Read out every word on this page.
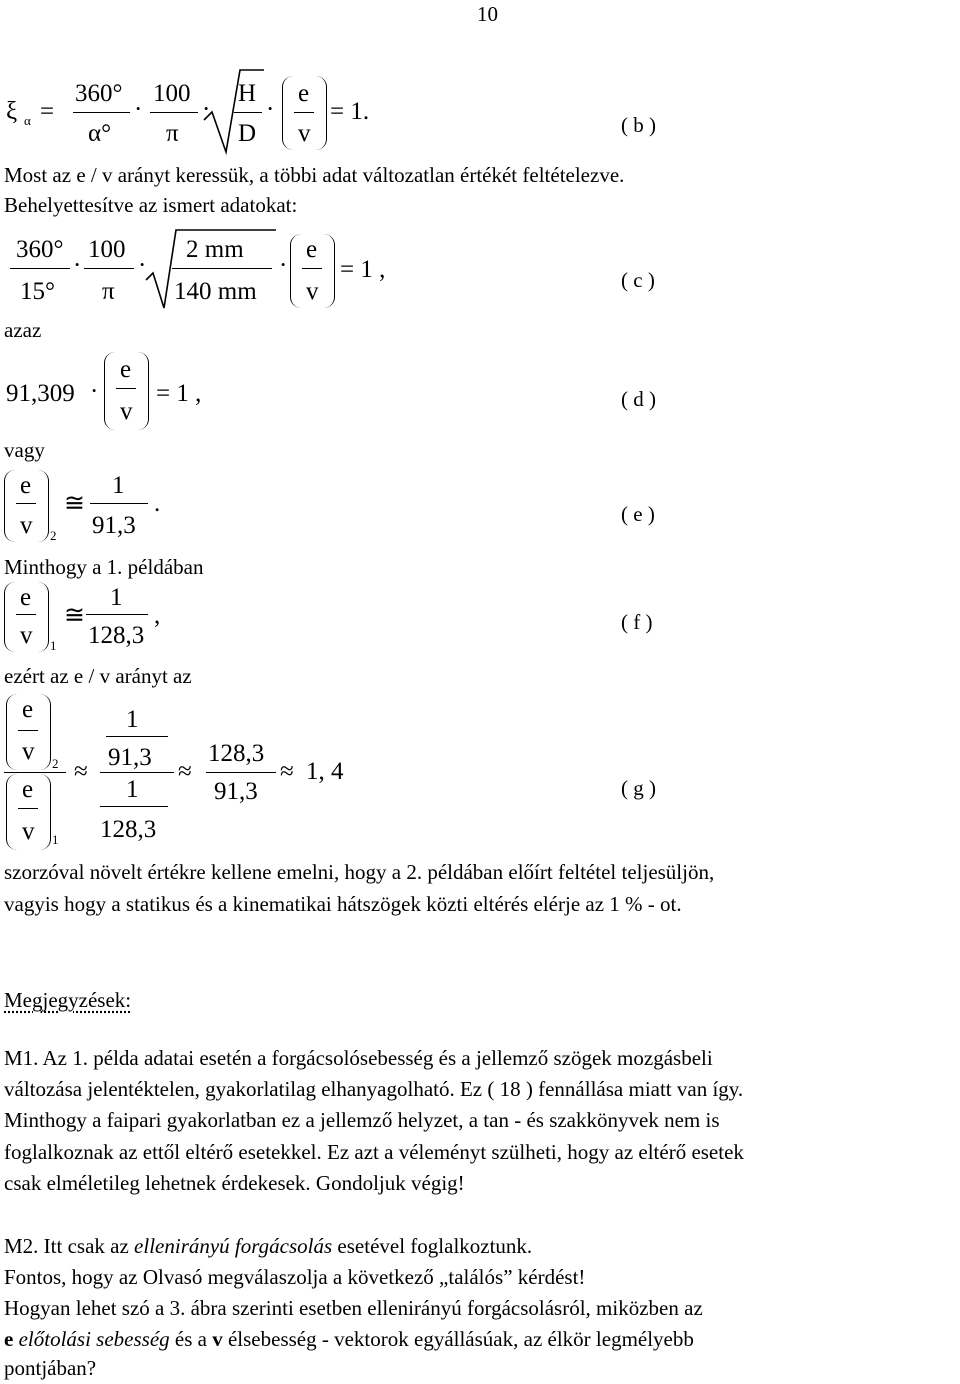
10
ξ α =
360°
α°
·
100
π
·
H
D
·
e
v
= 1.	( b )
Most az e / v arányt keressük, a többi adat változatlan értékét feltételezve.
Behelyettesítve az ismert adatokat:
360°
15°
·
100
π
·
2 mm
140 mm
·
e
v
= 1 ,	( c )
azaz
91,309 ·
e
v
= 1 ,	( d )
vagy
e
v 2
≅
1
91,3
.	( e )
Minthogy a 1. példában
e
v 1
≅
1
128,3
,	( f )
ezért az e / v arányt az
e
v 2
e
v 1
≈
1
91,3
1
128,3
≈
128,3
91,3
≈ 1, 4
( g )
szorzóval növelt értékre kellene emelni, hogy a 2. példában előírt feltétel teljesüljön,
vagyis hogy a statikus és a kinematikai hátszögek közti eltérés elérje az 1 % - ot.
Megjegyzések:
M1. Az 1. példa adatai esetén a forgácsolósebesség és a jellemző szögek mozgásbeli
változása jelentéktelen, gyakorlatilag elhanyagolható. Ez ( 18 ) fennállása miatt van így.
Minthogy a faipari gyakorlatban ez a jellemző helyzet, a tan - és szakkönyvek nem is
foglalkoznak az ettől eltérő esetekkel. Ez azt a véleményt szülheti, hogy az eltérő esetek
csak elméletileg lehetnek érdekesek. Gondoljuk végig!
M2. Itt csak az ellenirányú forgácsolás esetével foglalkoztunk.
Fontos, hogy az Olvasó megválaszolja a következő „találós” kérdést!
Hogyan lehet szó a 3. ábra szerinti esetben ellenirányú forgácsolásról, miközben az
e előtolási sebesség és a v élsebesség - vektorok egyállásúak, az élkör legmélyebb
pontjában?
